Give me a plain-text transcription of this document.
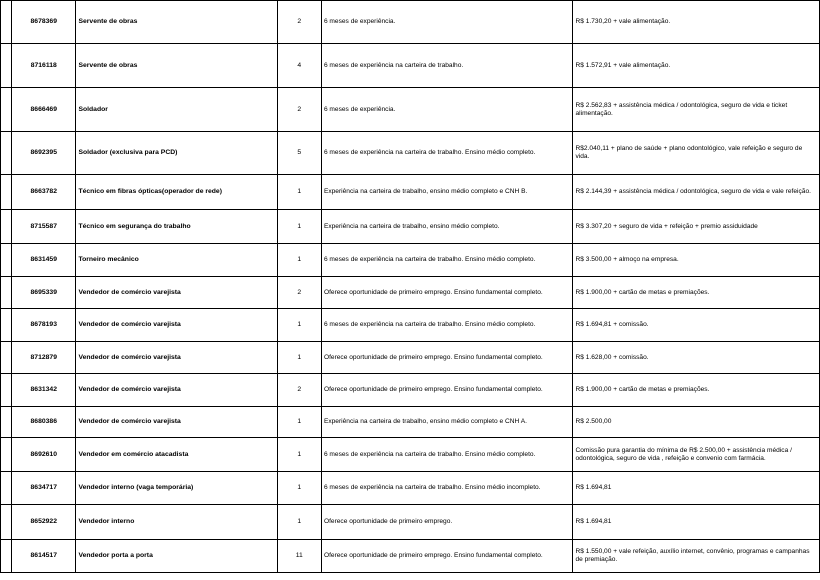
	8678369	Servente de obras	2	6 meses de experiência.	R$ 1.730,20 + vale alimentação.
	8716118	Servente de obras	4	6 meses de experiência na carteira de trabalho.	R$ 1.572,91 + vale alimentação.
	8666469	Soldador	2	6 meses de experiência.	R$ 2.562,83 + assistência médica / odontológica, seguro de vida e ticket alimentação.
	8692395	Soldador (exclusiva para PCD)	5	6 meses de experiência na carteira de trabalho. Ensino médio completo.	R$2.040,11 + plano de saúde + plano odontológico, vale refeição e seguro de vida.
	8663782	Técnico em fibras ópticas(operador de rede)	1	Experiência na carteira de trabalho, ensino médio completo e CNH B.	R$ 2.144,39 + assistência médica / odontológica, seguro de vida e vale refeição.
	8715587	Técnico em segurança do trabalho	1	Experiência na carteira de trabalho, ensino médio completo.	R$ 3.307,20 + seguro de vida + refeição + premio assiduidade
	8631459	Torneiro mecânico	1	6 meses de experiência na carteira de trabalho. Ensino médio completo.	R$ 3.500,00 + almoço na empresa.
	8695339	Vendedor de comércio varejista	2	Oferece oportunidade de primeiro emprego. Ensino fundamental completo.	R$ 1.900,00 + cartão de metas e premiações.
	8678193	Vendedor de comércio varejista	1	6 meses de experiência na carteira de trabalho. Ensino médio completo.	R$ 1.694,81 + comissão.
	8712879	Vendedor de comércio varejista	1	Oferece oportunidade de primeiro emprego. Ensino fundamental completo.	R$ 1.628,00 + comissão.
	8631342	Vendedor de comércio varejista	2	Oferece oportunidade de primeiro emprego. Ensino fundamental completo.	R$ 1.900,00 + cartão de metas e premiações.
	8680386	Vendedor de comércio varejista	1	Experiência na carteira de trabalho, ensino médio completo e CNH A.	R$ 2.500,00
	8692610	Vendedor em comércio atacadista	1	6 meses de experiência na carteira de trabalho. Ensino médio completo.	Comissão pura garantia do mínima de R$ 2.500,00 + assistência médica / odontológica, seguro de vida , refeição e convenio com farmácia.
	8634717	Vendedor interno (vaga temporária)	1	6 meses de experiência na carteira de trabalho. Ensino médio incompleto.	R$ 1.694,81
	8652922	Vendedor interno	1	Oferece oportunidade de primeiro emprego.	R$ 1.694,81
	8614517	Vendedor porta a porta	11	Oferece oportunidade de primeiro emprego. Ensino fundamental completo.	R$ 1.550,00 + vale refeição, auxílio internet, convênio, programas e campanhas de premiação.
